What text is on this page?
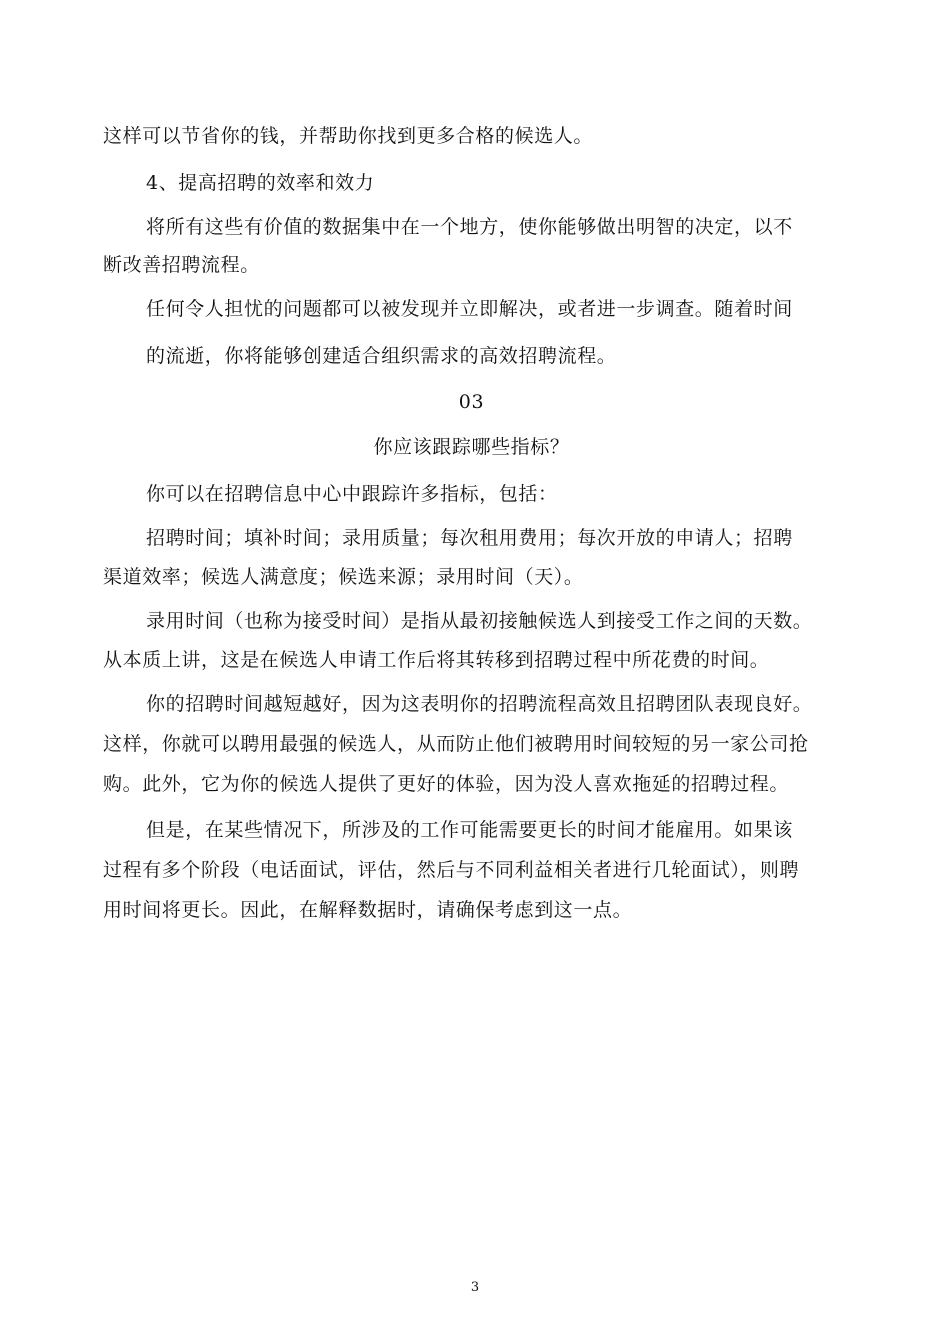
这样可以节省你的钱，并帮助你找到更多合格的候选人。
4、提高招聘的效率和效力
将所有这些有价值的数据集中在一个地方，使你能够做出明智的决定，以不
断改善招聘流程。
任何令人担忧的问题都可以被发现并立即解决，或者进一步调查。随着时间
的流逝，你将能够创建适合组织需求的高效招聘流程。
03
你应该跟踪哪些指标？
你可以在招聘信息中心中跟踪许多指标，包括：
招聘时间；填补时间；录用质量；每次租用费用；每次开放的申请人；招聘
渠道效率；候选人满意度；候选来源；录用时间（天）。
录用时间（也称为接受时间）是指从最初接触候选人到接受工作之间的天数。
从本质上讲，这是在候选人申请工作后将其转移到招聘过程中所花费的时间。
你的招聘时间越短越好，因为这表明你的招聘流程高效且招聘团队表现良好。
这样，你就可以聘用最强的候选人，从而防止他们被聘用时间较短的另一家公司抢
购。此外，它为你的候选人提供了更好的体验，因为没人喜欢拖延的招聘过程。
但是，在某些情况下，所涉及的工作可能需要更长的时间才能雇用。如果该
过程有多个阶段（电话面试，评估，然后与不同利益相关者进行几轮面试），则聘
用时间将更长。因此，在解释数据时，请确保考虑到这一点。
3
